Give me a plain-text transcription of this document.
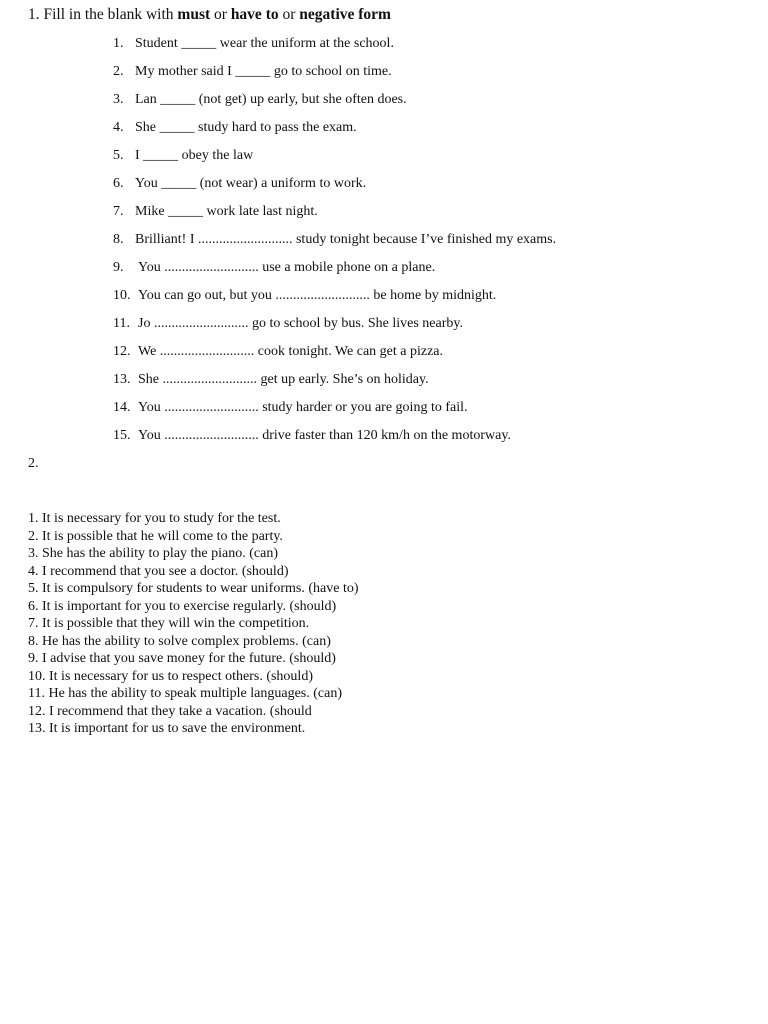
1. Fill in the blank with must or have to or negative form
1. Student _____ wear the uniform at the school.
2. My mother said I _____ go to school on time.
3. Lan _____ (not get) up early, but she often does.
4. She _____ study hard to pass the exam.
5. I _____ obey the law
6. You _____ (not wear) a uniform to work.
7. Mike _____ work late last night.
8. Brilliant! I ........................... study tonight because I’ve finished my exams.
9.	You ........................... use a mobile phone on a plane.
10. You can go out, but you ........................... be home by midnight.
11. Jo ........................... go to school by bus. She lives nearby.
12. We ........................... cook tonight. We can get a pizza.
13. She ........................... get up early. She’s on holiday.
14. You ........................... study harder or you are going to fail.
15. You ........................... drive faster than 120 km/h on the motorway.
2.
1. It is necessary for you to study for the test.
2. It is possible that he will come to the party.
3. She has the ability to play the piano. (can)
4. I recommend that you see a doctor. (should)
5. It is compulsory for students to wear uniforms. (have to)
6. It is important for you to exercise regularly. (should)
7. It is possible that they will win the competition.
8. He has the ability to solve complex problems. (can)
9. I advise that you save money for the future. (should)
10. It is necessary for us to respect others. (should)
11. He has the ability to speak multiple languages. (can)
12. I recommend that they take a vacation. (should
13. It is important for us to save the environment.
